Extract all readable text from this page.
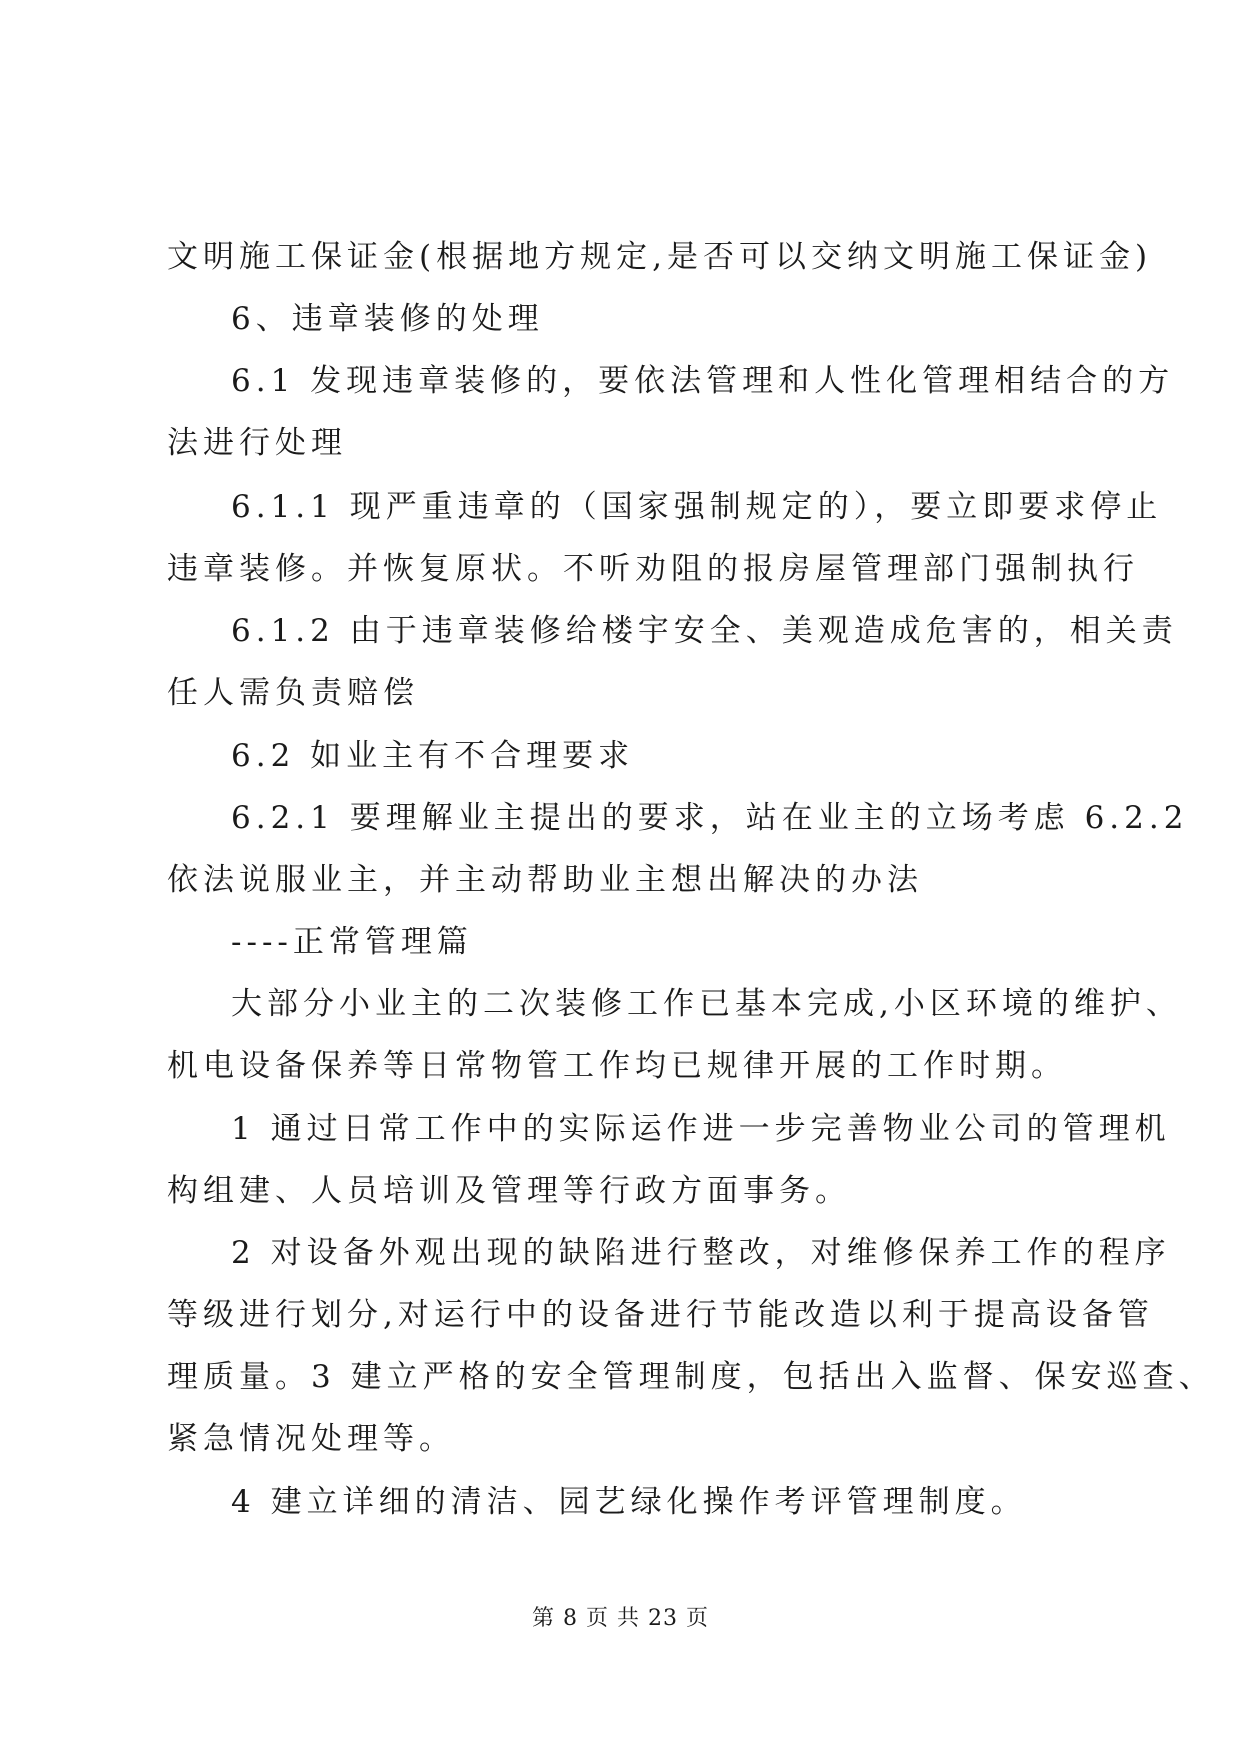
文明施工保证金(根据地方规定,是否可以交纳文明施工保证金)
6、违章装修的处理
6.1 发现违章装修的，要依法管理和人性化管理相结合的方
法进行处理
6.1.1 现严重违章的（国家强制规定的），要立即要求停止
违章装修。并恢复原状。不听劝阻的报房屋管理部门强制执行
6.1.2 由于违章装修给楼宇安全、美观造成危害的，相关责
任人需负责赔偿
6.2 如业主有不合理要求
6.2.1 要理解业主提出的要求，站在业主的立场考虑 6.2.2
依法说服业主，并主动帮助业主想出解决的办法
----正常管理篇
大部分小业主的二次装修工作已基本完成,小区环境的维护、
机电设备保养等日常物管工作均已规律开展的工作时期。
1 通过日常工作中的实际运作进一步完善物业公司的管理机
构组建、人员培训及管理等行政方面事务。
2 对设备外观出现的缺陷进行整改，对维修保养工作的程序
等级进行划分,对运行中的设备进行节能改造以利于提高设备管
理质量。3 建立严格的安全管理制度，包括出入监督、保安巡查、
紧急情况处理等。
4 建立详细的清洁、园艺绿化操作考评管理制度。
第 8 页 共 23 页
